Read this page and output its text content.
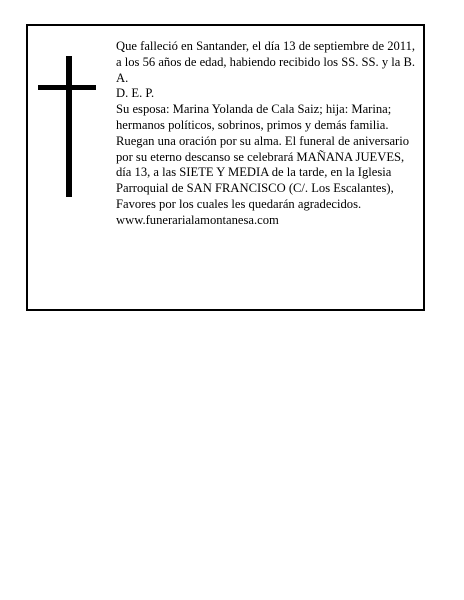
Que falleció en Santander, el día 13 de septiembre de 2011, a los 56 años de edad, habiendo recibido los SS. SS. y la B. A.

D. E. P.

Su esposa: Marina Yolanda de Cala Saiz; hija: Marina; hermanos políticos, sobrinos, primos y demás familia. Ruegan una oración por su alma. El funeral de aniversario por su eterno descanso se celebrará MAÑANA JUEVES, día 13, a las SIETE Y MEDIA de la tarde, en la Iglesia Parroquial de SAN FRANCISCO (C/. Los Escalantes), Favores por los cuales les quedarán agradecidos.

www.funerarialamontanesa.com
